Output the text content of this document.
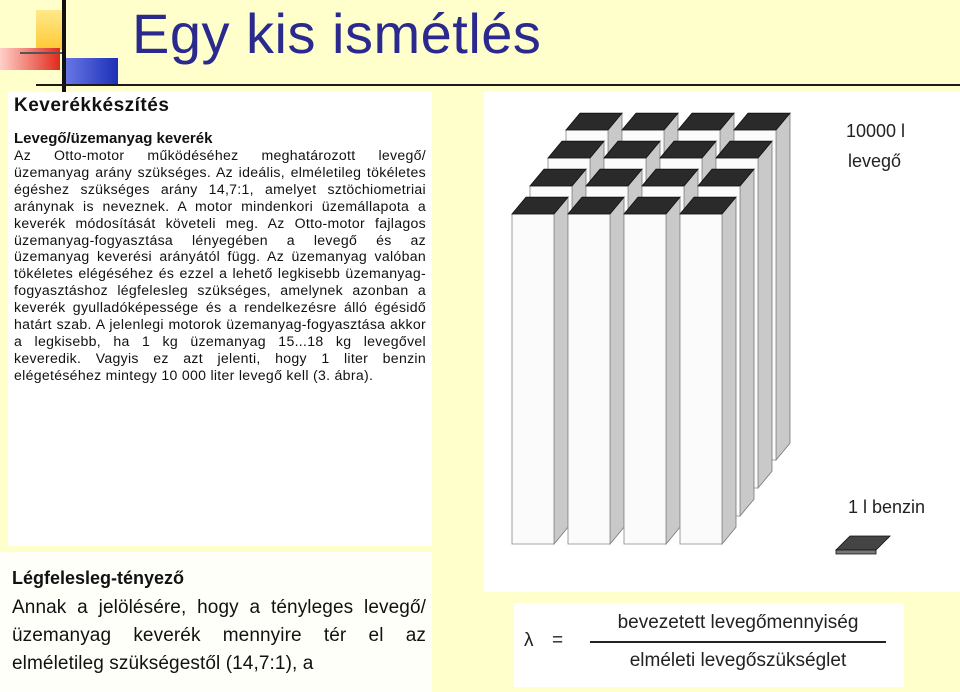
Egy kis ismétlés
Keverékkészítés
Levegő/üzemanyag keverék

Az Otto-motor működéséhez meghatározott levegő/üzemanyag arány szükséges. Az ideális, elméletileg tökéletes égéshez szükséges arány 14,7:1, amelyet sztöchiometriai aránynak is neveznek. A motor mindenkori üzemállapota a keverék módosítását követeli meg. Az Otto-motor fajlagos üzemanyag-fogyasztása lényegében a levegő és az üzemanyag keverési arányától függ. Az üzemanyag valóban tökéletes elégéséhez és ezzel a lehető legkisebb üzemanyag-fogyasztáshoz légfelesleg szükséges, amelynek azonban a keverék gyulladóképessége és a rendelkezésre álló égésidő határt szab. A jelenlegi motorok üzemanyag-fogyasztása akkor a legkisebb, ha 1 kg üzemanyag 15...18 kg levegővel keveredik. Vagyis ez azt jelenti, hogy 1 liter benzin elégetéséhez mintegy 10 000 liter levegő kell (3. ábra).

Légfelesleg-tényező

Annak a jelölésére, hogy a tényleges levegő/üzemanyag keverék mennyire tér el az elméletileg szükségestől (14,7:1), a

10000 l
levegő
1 l benzin
λ =
bevezetett levegőmennyiség
elméleti levegőszükséglet
